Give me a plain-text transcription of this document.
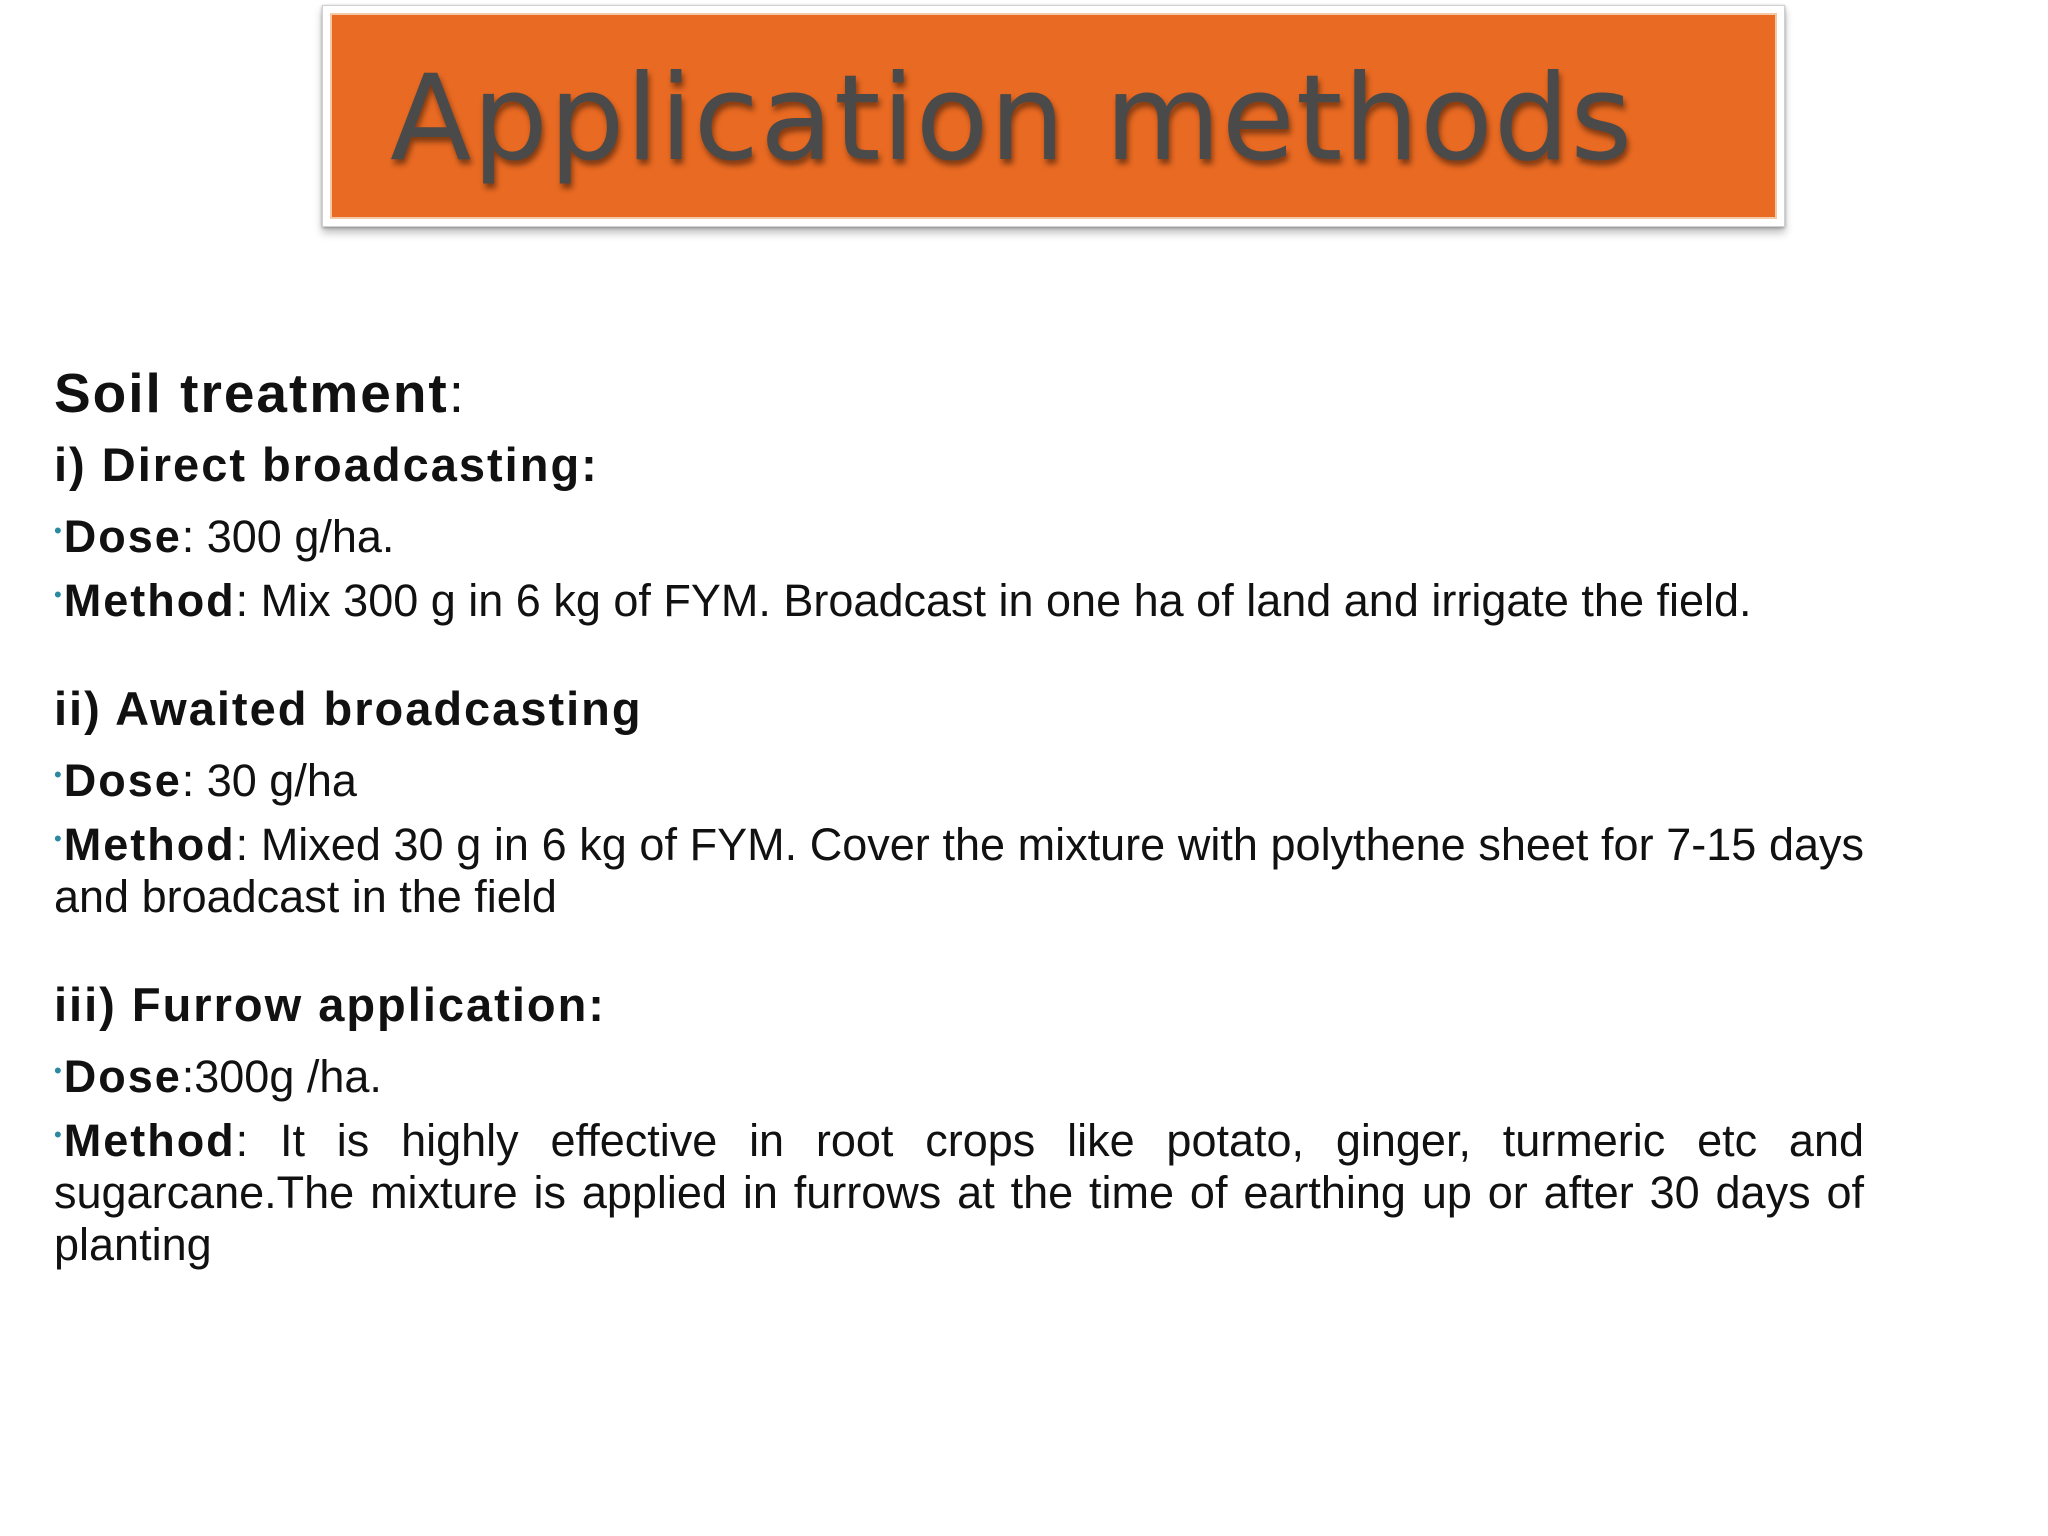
Application methods

Soil treatment:

i) Direct broadcasting:

•Dose: 300 g/ha.

•Method: Mix 300 g in 6 kg of FYM. Broadcast in one ha of land and irrigate the field.

ii) Awaited broadcasting

•Dose: 30 g/ha

•Method: Mixed 30 g in 6 kg of FYM. Cover the mixture with polythene sheet for 7-15 days and broadcast in the field

iii) Furrow application:

•Dose:300g /ha.

•Method: It is highly effective in root crops like potato, ginger, turmeric etc and sugarcane.The mixture is applied in furrows at the time of earthing up or after 30 days of planting
